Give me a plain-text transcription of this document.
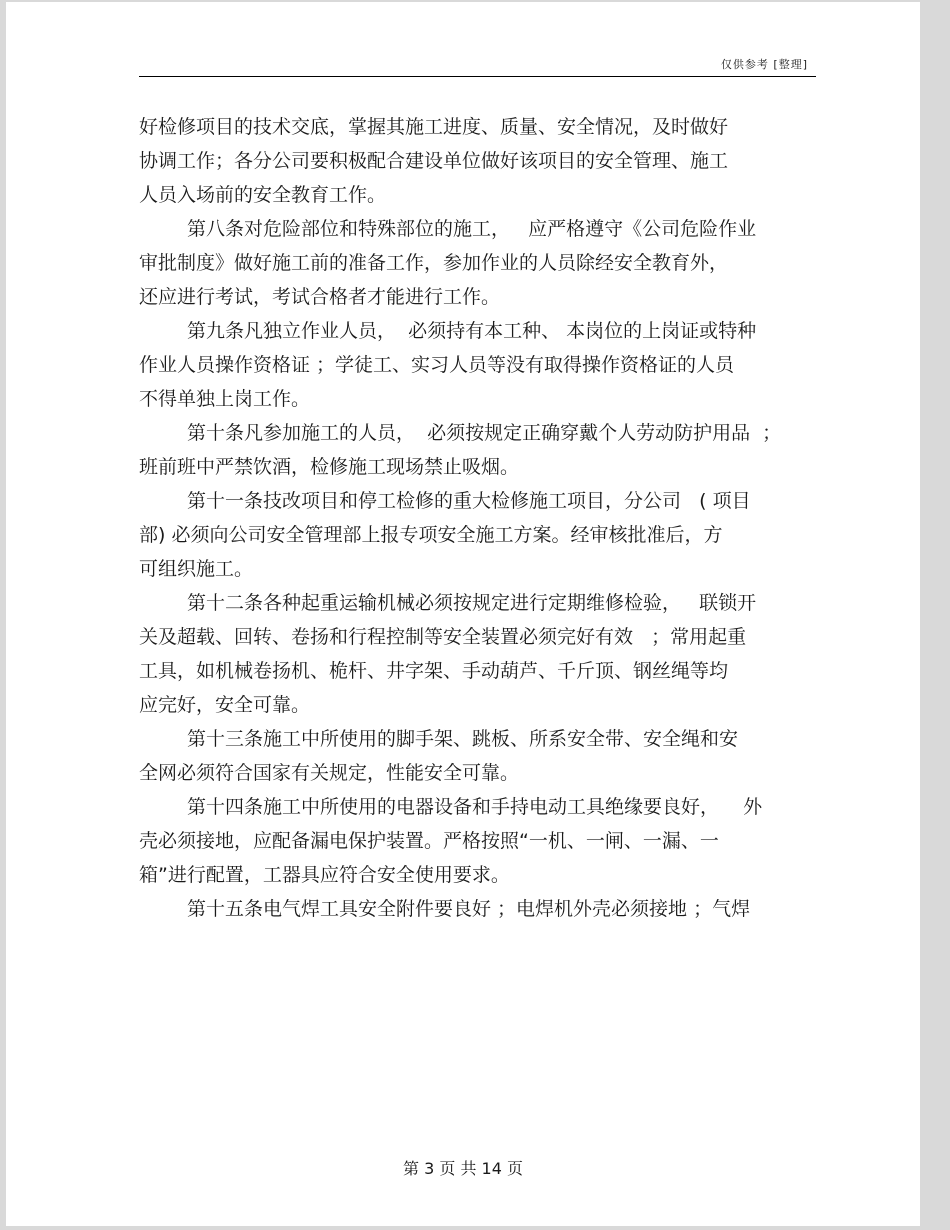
仅供参考 [整理]
好检修项目的技术交底，掌握其施工进度、质量、安全情况，及时做好
协调工作；各分公司要积极配合建设单位做好该项目的安全管理、施工
人员入场前的安全教育工作。
第八条对危险部位和特殊部位的施工，   应严格遵守《公司危险作业
审批制度》做好施工前的准备工作，参加作业的人员除经安全教育外，
还应进行考试，考试合格者才能进行工作。
第九条凡独立作业人员，  必须持有本工种、 本岗位的上岗证或特种
作业人员操作资格证 ；学徒工、实习人员等没有取得操作资格证的人员
不得单独上岗工作。
第十条凡参加施工的人员，  必须按规定正确穿戴个人劳动防护用品  ；
班前班中严禁饮酒，检修施工现场禁止吸烟。
第十一条技改项目和停工检修的重大检修施工项目，分公司   ( 项目
部) 必须向公司安全管理部上报专项安全施工方案。经审核批准后，方
可组织施工。
第十二条各种起重运输机械必须按规定进行定期维修检验，   联锁开
关及超载、回转、卷扬和行程控制等安全装置必须完好有效   ；常用起重
工具，如机械卷扬机、桅杆、井字架、手动葫芦、千斤顶、钢丝绳等均
应完好，安全可靠。
第十三条施工中所使用的脚手架、跳板、所系安全带、安全绳和安
全网必须符合国家有关规定，性能安全可靠。
第十四条施工中所使用的电器设备和手持电动工具绝缘要良好，    外
壳必须接地，应配备漏电保护装置。严格按照“一机、一闸、一漏、一
箱”进行配置，工器具应符合安全使用要求。
第十五条电气焊工具安全附件要良好 ；电焊机外壳必须接地 ；气焊
第 3 页 共 14 页
